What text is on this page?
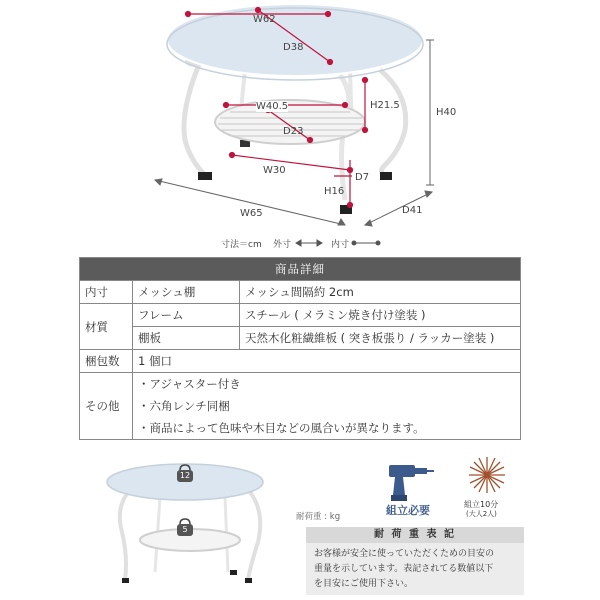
W62
D38
H40
H21.5
W40.5
D23
W30
H16
D7
W65	D41
寸法＝cm 外寸	内寸
商品詳細		
内寸	メッシュ棚	メッシュ間隔約 2cm
材質	フレーム	スチール ( メラミン焼き付け塗装 )
	棚板	天然木化粧繊維板 ( 突き板張り / ラッカー塗装 )
梱包数	1 個口	
その他	・アジャスター付き
・六角レンチ同梱
・商品によって色味や木目などの風合いが異なります。	
12
5
耐荷重 : kg	組立必要	組立10分
(大人2人)
耐 荷 重 表 記
お客様が安全に使っていただくための目安の
重量を示しています。表記されてる数値以下
を目安にご使用下さい。
